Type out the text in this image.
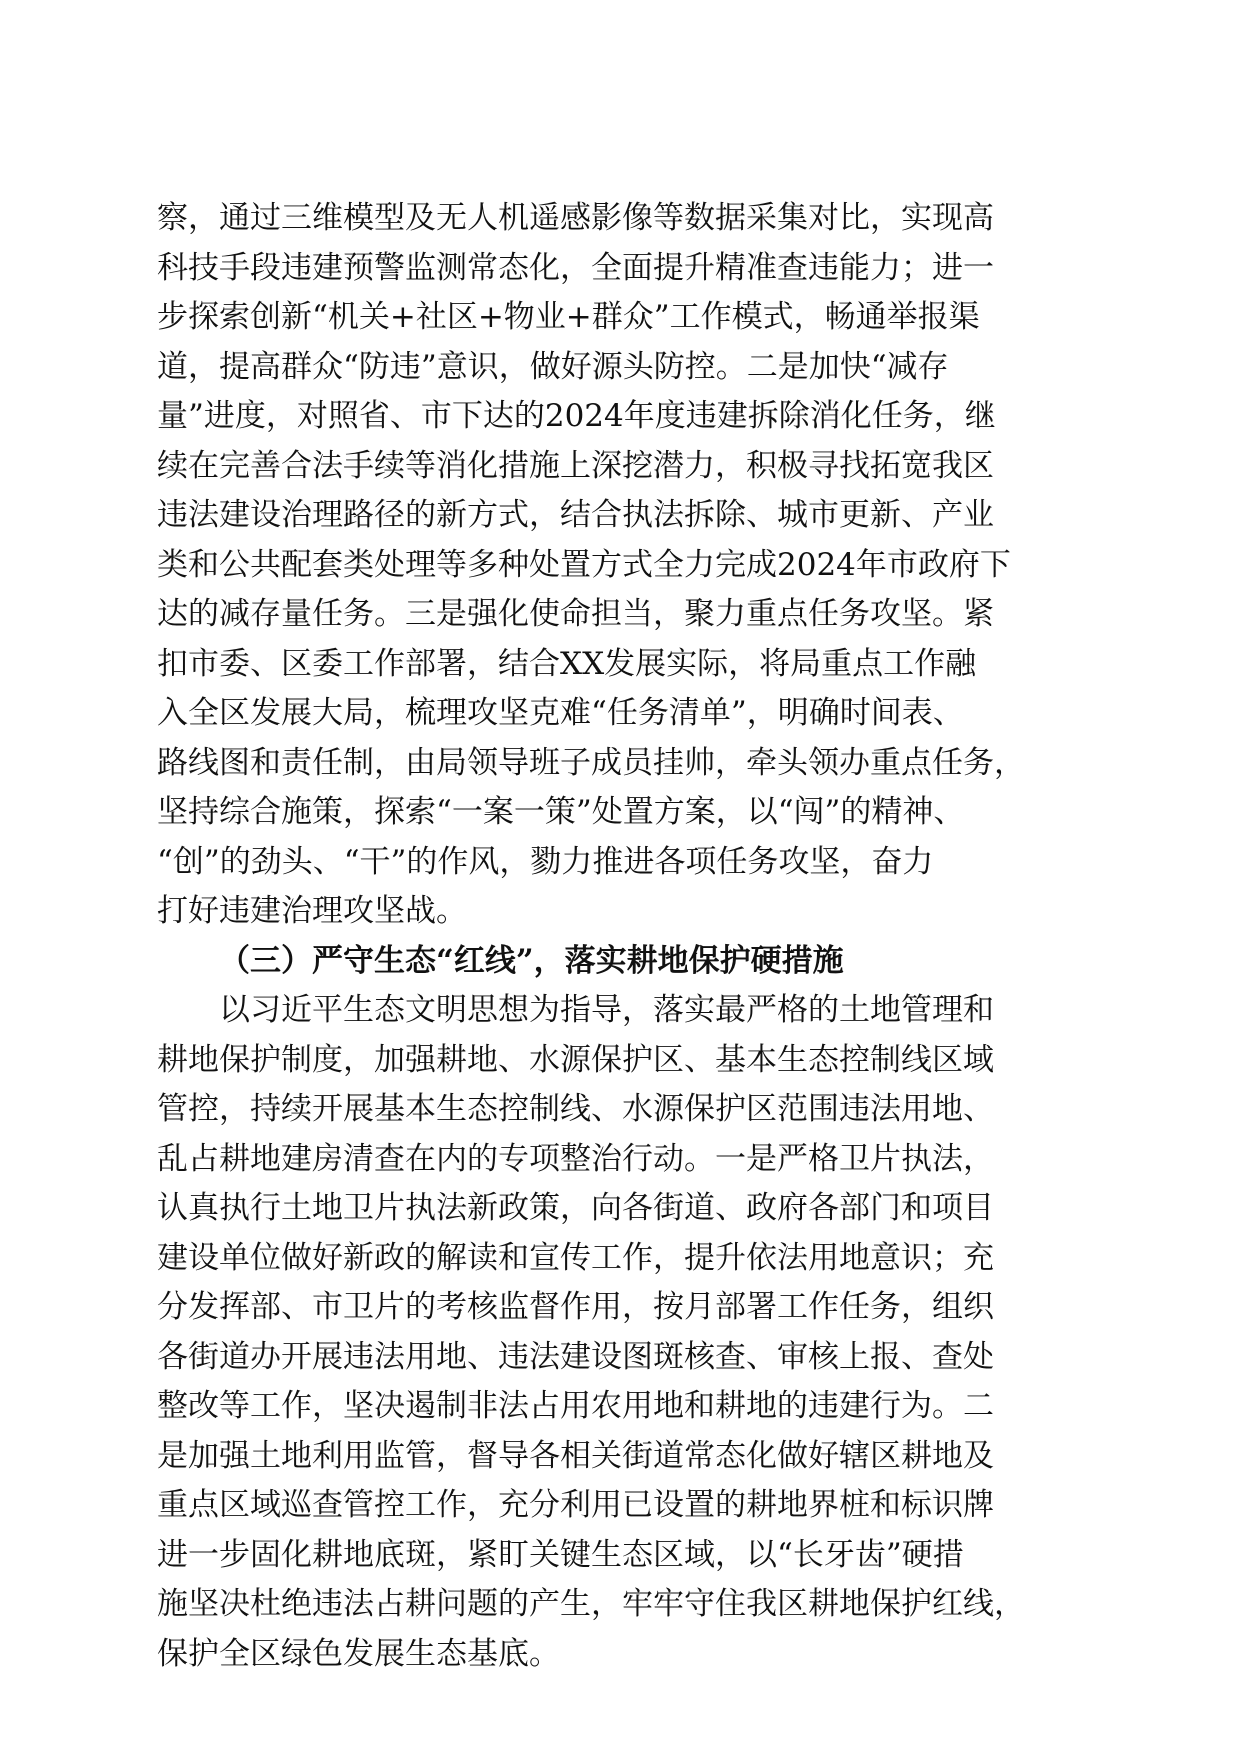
察，通过三维模型及无人机遥感影像等数据采集对比，实现高
科技手段违建预警监测常态化，全面提升精准查违能力；进一
步探索创新“机关+社区+物业+群众”工作模式，畅通举报渠
道，提高群众“防违”意识，做好源头防控。二是加快“减存
量”进度，对照省、市下达的2024年度违建拆除消化任务，继
续在完善合法手续等消化措施上深挖潜力，积极寻找拓宽我区
违法建设治理路径的新方式，结合执法拆除、城市更新、产业
类和公共配套类处理等多种处置方式全力完成2024年市政府下
达的减存量任务。三是强化使命担当，聚力重点任务攻坚。紧
扣市委、区委工作部署，结合XX发展实际，将局重点工作融
入全区发展大局，梳理攻坚克难“任务清单”，明确时间表、
路线图和责任制，由局领导班子成员挂帅，牵头领办重点任务，
坚持综合施策，探索“一案一策”处置方案，以“闯”的精神、
“创”的劲头、“干”的作风，勠力推进各项任务攻坚，奋力
打好违建治理攻坚战。
（三）严守生态“红线”，落实耕地保护硬措施
以习近平生态文明思想为指导，落实最严格的土地管理和
耕地保护制度，加强耕地、水源保护区、基本生态控制线区域
管控，持续开展基本生态控制线、水源保护区范围违法用地、
乱占耕地建房清查在内的专项整治行动。一是严格卫片执法，
认真执行土地卫片执法新政策，向各街道、政府各部门和项目
建设单位做好新政的解读和宣传工作，提升依法用地意识；充
分发挥部、市卫片的考核监督作用，按月部署工作任务，组织
各街道办开展违法用地、违法建设图斑核查、审核上报、查处
整改等工作，坚决遏制非法占用农用地和耕地的违建行为。二
是加强土地利用监管，督导各相关街道常态化做好辖区耕地及
重点区域巡查管控工作，充分利用已设置的耕地界桩和标识牌
进一步固化耕地底斑，紧盯关键生态区域，以“长牙齿”硬措
施坚决杜绝违法占耕问题的产生，牢牢守住我区耕地保护红线，
保护全区绿色发展生态基底。
